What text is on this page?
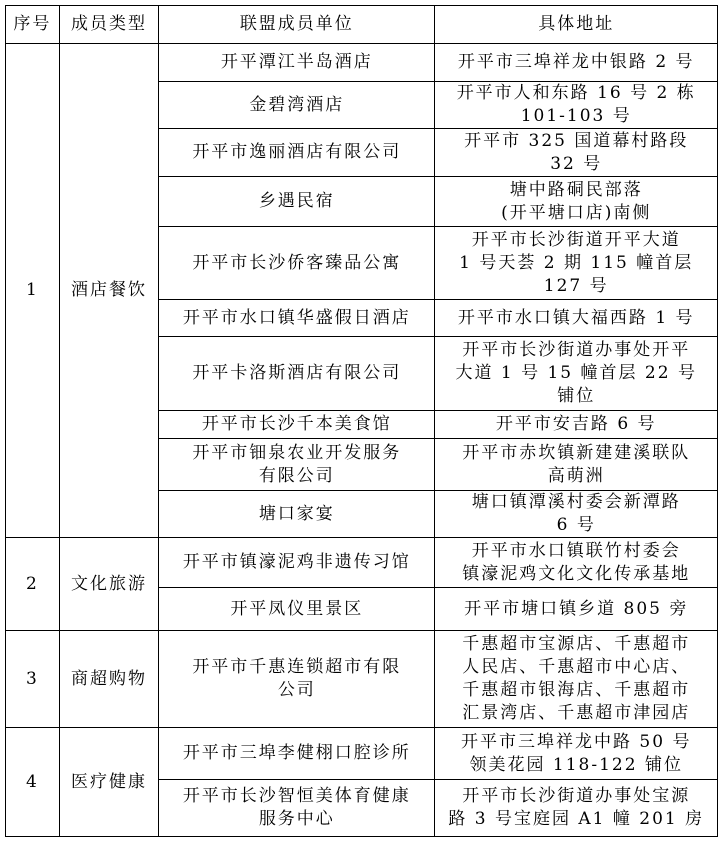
序号	成员类型	联盟成员单位	具体地址
1	酒店餐饮	开平潭江半岛酒店	开平市三埠祥龙中银路 2 号

		金碧湾酒店	开平市人和东路 16 号 2 栋
101-103 号

		开平市逸丽酒店有限公司	开平市 325 国道幕村路段
32 号

		乡遇民宿	塘中路硐民部落
(开平塘口店)南侧

		开平市长沙侨客臻品公寓	开平市长沙街道开平大道
1 号天荟 2 期 115 幢首层
127 号

		开平市水口镇华盛假日酒店	开平市水口镇大福西路 1 号

		开平卡洛斯酒店有限公司	开平市长沙街道办事处开平
大道 1 号 15 幢首层 22 号
铺位

		开平市长沙千本美食馆	开平市安吉路 6 号

		开平市钿泉农业开发服务
有限公司	开平市赤坎镇新建建溪联队
高萌洲

		塘口家宴	塘口镇潭溪村委会新潭路
6 号

2	文化旅游	开平市镇濠泥鸡非遗传习馆	开平市水口镇联竹村委会
镇濠泥鸡文化文化传承基地

		开平凤仪里景区	开平市塘口镇乡道 805 旁

3	商超购物	开平市千惠连锁超市有限
公司	千惠超市宝源店、千惠超市
人民店、千惠超市中心店、
千惠超市银海店、千惠超市
汇景湾店、千惠超市津园店

4	医疗健康	开平市三埠李健栩口腔诊所	开平市三埠祥龙中路 50 号
领美花园 118-122 铺位

		开平市长沙智恒美体育健康
服务中心	开平市长沙街道办事处宝源
路 3 号宝庭园 A1 幢 201 房
